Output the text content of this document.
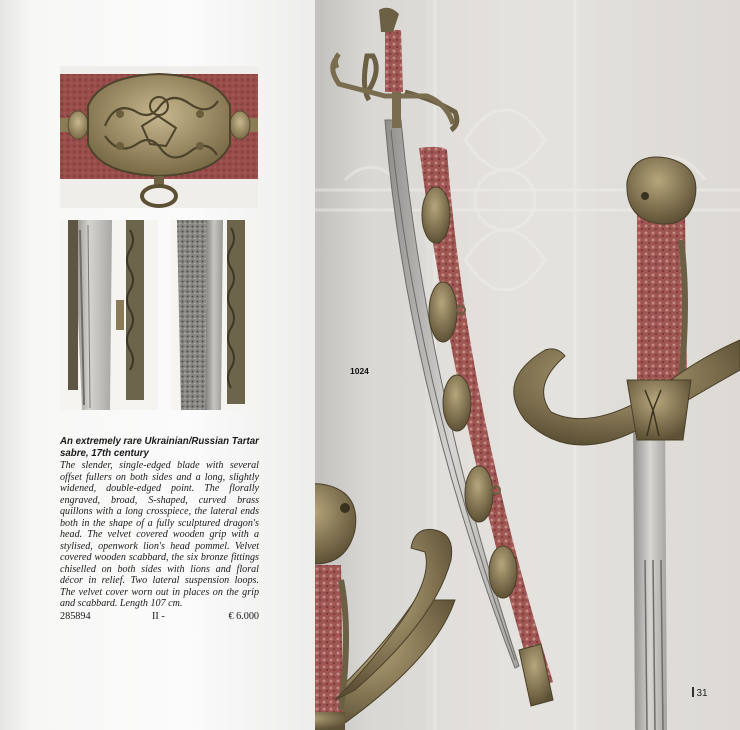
An extremely rare Ukrainian/Russian Tartar sabre, 17th century

The slender, single-edged blade with several offset fullers on both sides and a long, slightly widened, double-edged point. The florally engraved, broad, S-shaped, curved brass quillons with a long crosspiece, the lateral ends both in the shape of a fully sculptured dragon's head. The velvet covered wooden grip with a stylised, openwork lion's head pommel. Velvet covered wooden scabbard, the six bronze fittings chiselled on both sides with lions and floral décor in relief. Two lateral suspension loops. The velvet cover worn out in places on the grip and scabbard. Length 107 cm.

285894	II -	€ 6.000
1024
31
